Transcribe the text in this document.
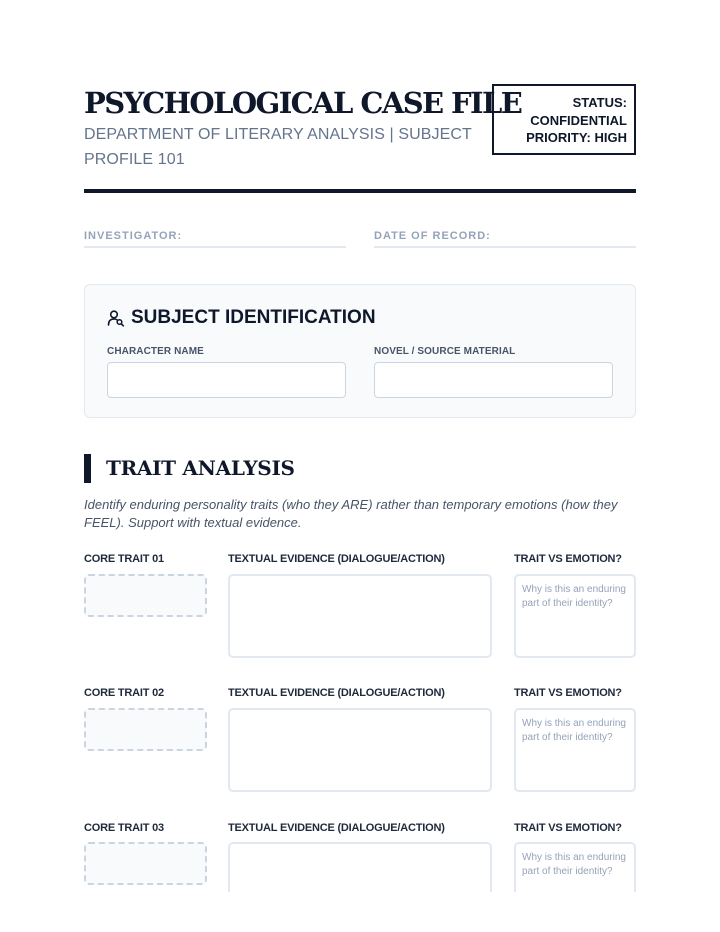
PSYCHOLOGICAL CASE FILE
DEPARTMENT OF LITERARY ANALYSIS | SUBJECT PROFILE 101
STATUS:
CONFIDENTIAL
PRIORITY: HIGH
INVESTIGATOR:	DATE OF RECORD:
SUBJECT IDENTIFICATION
CHARACTER NAME	NOVEL / SOURCE MATERIAL
TRAIT ANALYSIS
Identify enduring personality traits (who they ARE) rather than temporary emotions (how they FEEL). Support with textual evidence.
CORE TRAIT 01	TEXTUAL EVIDENCE (DIALOGUE/ACTION)	TRAIT VS EMOTION?
Why is this an enduring part of their identity?
CORE TRAIT 02	TEXTUAL EVIDENCE (DIALOGUE/ACTION)	TRAIT VS EMOTION?
Why is this an enduring part of their identity?
CORE TRAIT 03	TEXTUAL EVIDENCE (DIALOGUE/ACTION)	TRAIT VS EMOTION?
Why is this an enduring part of their identity?
